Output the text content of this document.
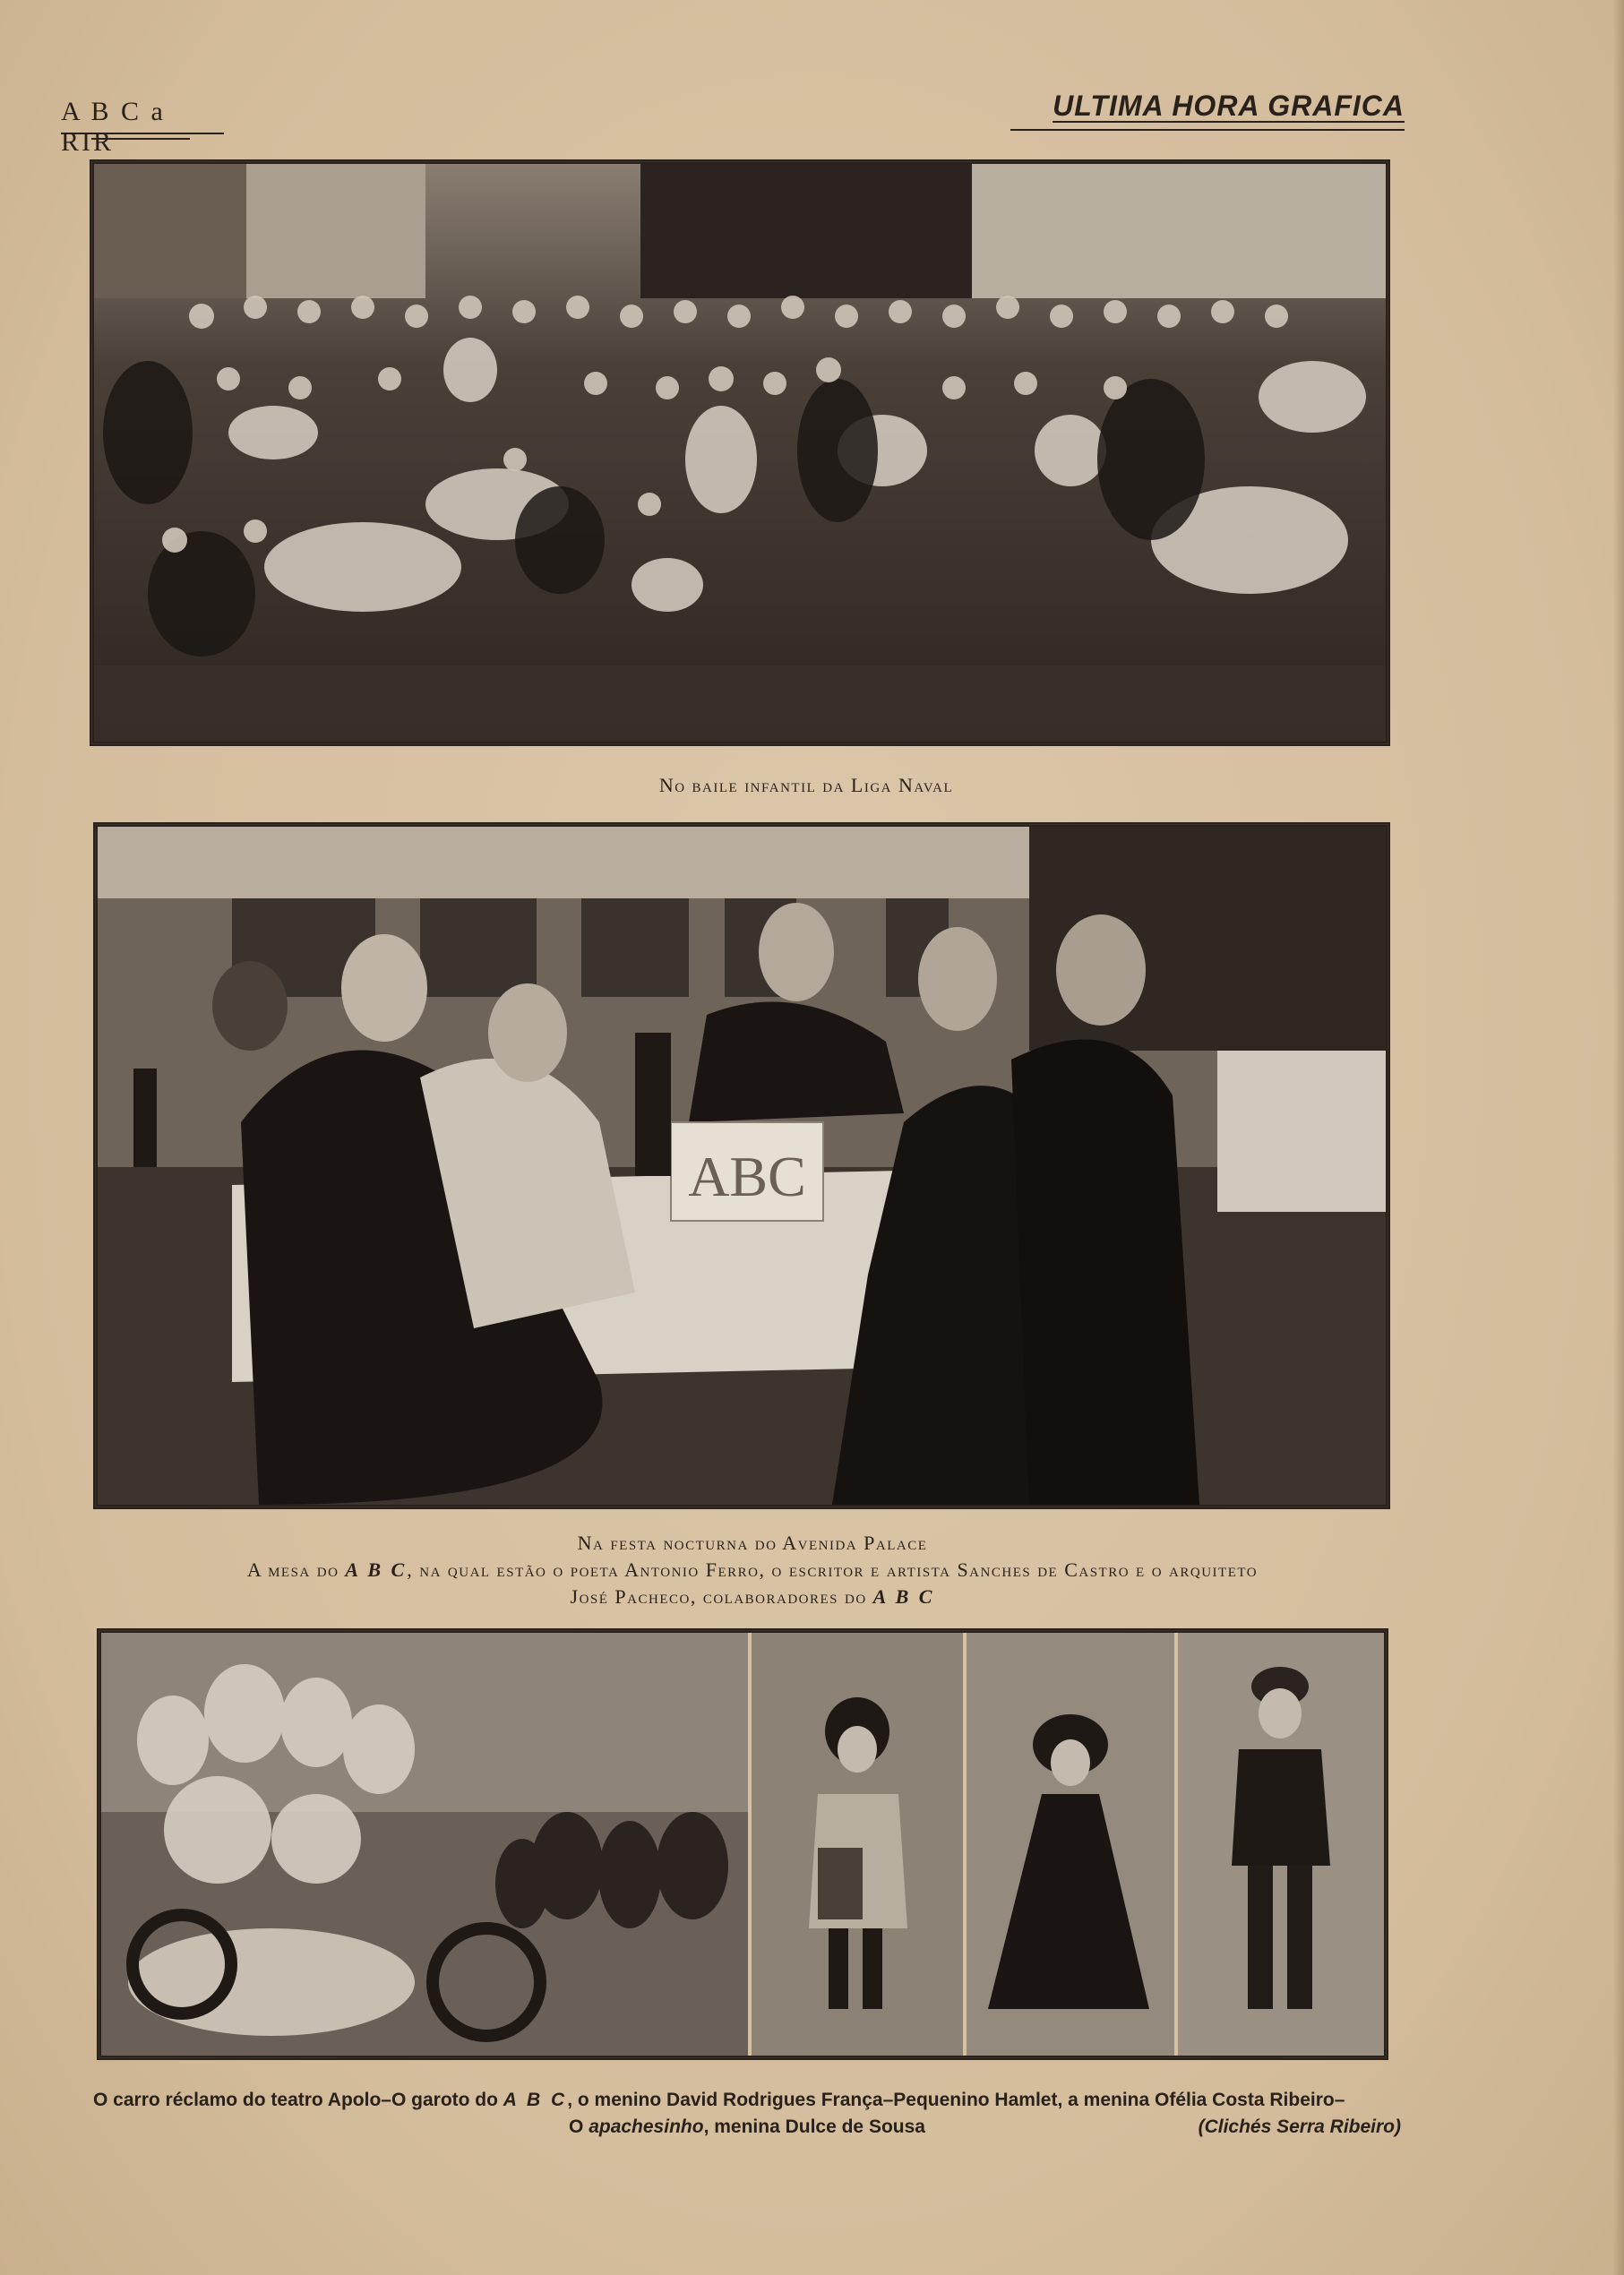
A B C a RIR
ULTIMA HORA GRAFICA
No baile infantil da Liga Naval
ABC
Na festa nocturna do Avenida Palace
A mesa do A B C, na qual estão o poeta Antonio Ferro, o escritor e artista Sanches de Castro e o arquiteto
José Pacheco, colaboradores do A B C
O carro réclamo do teatro Apolo–O garoto do A B C, o menino David Rodrigues França–Pequenino Hamlet, a menina Ofélia Costa Ribeiro–
O apachesinho, menina Dulce de Sousa	(Clichés Serra Ribeiro)
